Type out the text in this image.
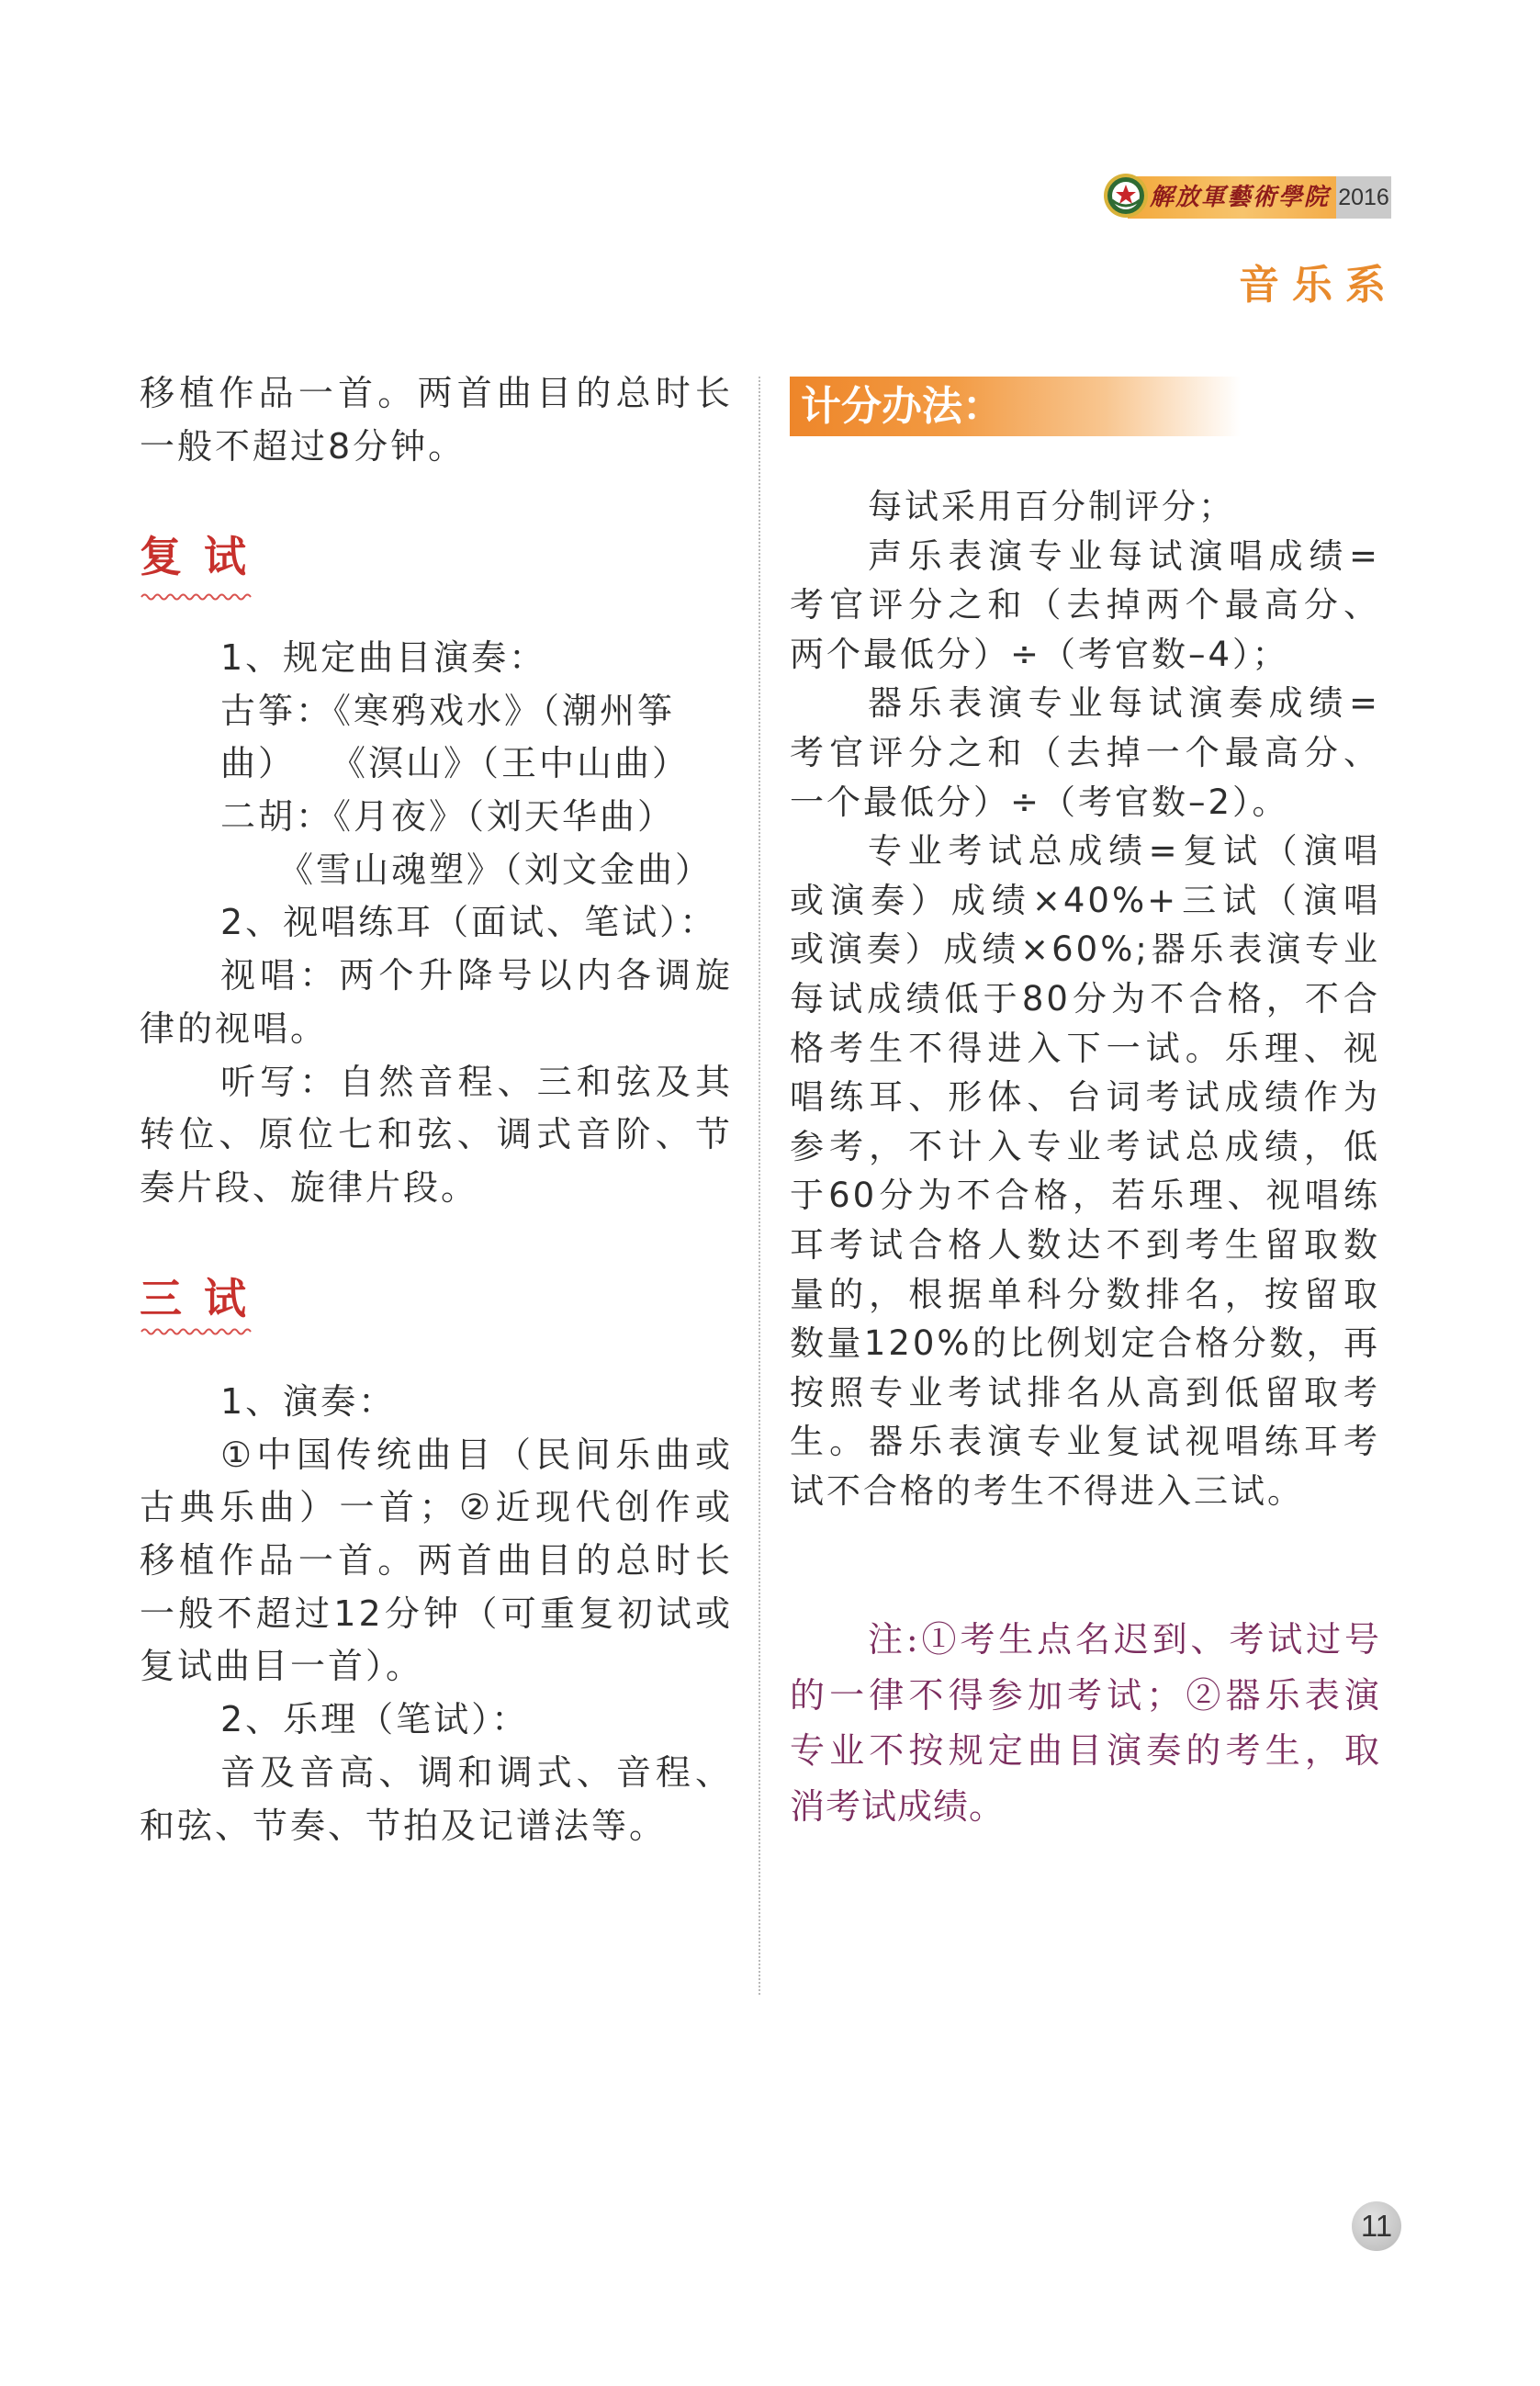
解放軍藝術學院 2016
音乐系
移植作品一首。两首曲目的总时长
一般不超过8分钟。
复 试
1、规定曲目演奏：
古筝：《寒鸦戏水》（潮州筝曲） 《溟山》（王中山曲）
二胡：《月夜》（刘天华曲）
《雪山魂塑》（刘文金曲）
2、视唱练耳（面试、笔试）：
视唱：两个升降号以内各调旋
律的视唱。
听写：自然音程、三和弦及其
转位、原位七和弦、调式音阶、节
奏片段、旋律片段。
三 试
1、演奏：
①中国传统曲目（民间乐曲或
古典乐曲）一首；②近现代创作或
移植作品一首。两首曲目的总时长
一般不超过12分钟（可重复初试或
复试曲目一首）。
2、乐理（笔试）：
音及音高、调和调式、音程、
和弦、节奏、节拍及记谱法等。
计分办法：
每试采用百分制评分；
声乐表演专业每试演唱成绩=
考官评分之和（去掉两个最高分、
两个最低分）÷（考官数–4）；
器乐表演专业每试演奏成绩=
考官评分之和（去掉一个最高分、
一个最低分）÷（考官数–2）。
专业考试总成绩=复试（演唱
或演奏）成绩×40%+三试（演唱
或演奏）成绩×60%;器乐表演专业
每试成绩低于80分为不合格，不合
格考生不得进入下一试。乐理、视
唱练耳、形体、台词考试成绩作为
参考，不计入专业考试总成绩，低
于60分为不合格，若乐理、视唱练
耳考试合格人数达不到考生留取数
量的，根据单科分数排名，按留取
数量120%的比例划定合格分数，再
按照专业考试排名从高到低留取考
生。器乐表演专业复试视唱练耳考
试不合格的考生不得进入三试。
注:①考生点名迟到、考试过号
的一律不得参加考试；②器乐表演
专业不按规定曲目演奏的考生，取
消考试成绩。
11
